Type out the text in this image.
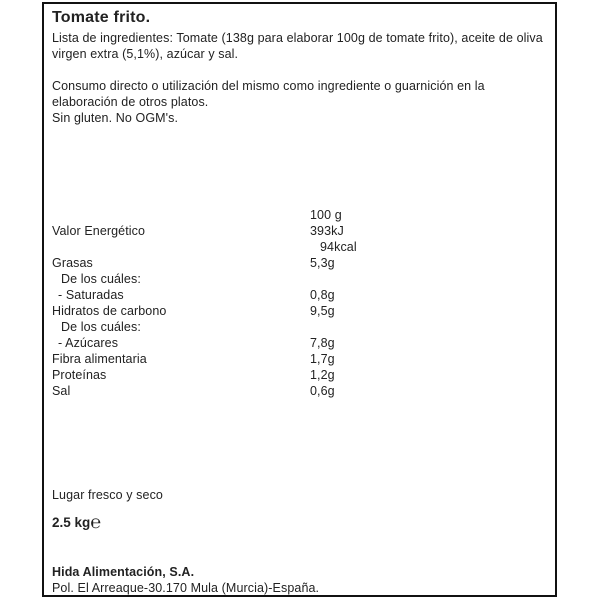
Tomate frito.

Lista de ingredientes: Tomate (138g para elaborar 100g de tomate frito), aceite de oliva virgen extra (5,1%), azúcar y sal.

Consumo directo o utilización del mismo como ingrediente o guarnición en la elaboración de otros platos.

Sin gluten. No OGM's.

100 g
Valor Energético	393kJ
94kcal
Grasas	5,3g
De los cuáles:
- Saturadas	0,8g
Hidratos de carbono	9,5g
De los cuáles:
- Azúcares	7,8g
Fibra alimentaria	1,7g
Proteínas	1,2g
Sal	0,6g

Lugar fresco y seco

2.5 kg℮

Hida Alimentación, S.A.

Pol. El Arreaque-30.170 Mula (Murcia)-España.
